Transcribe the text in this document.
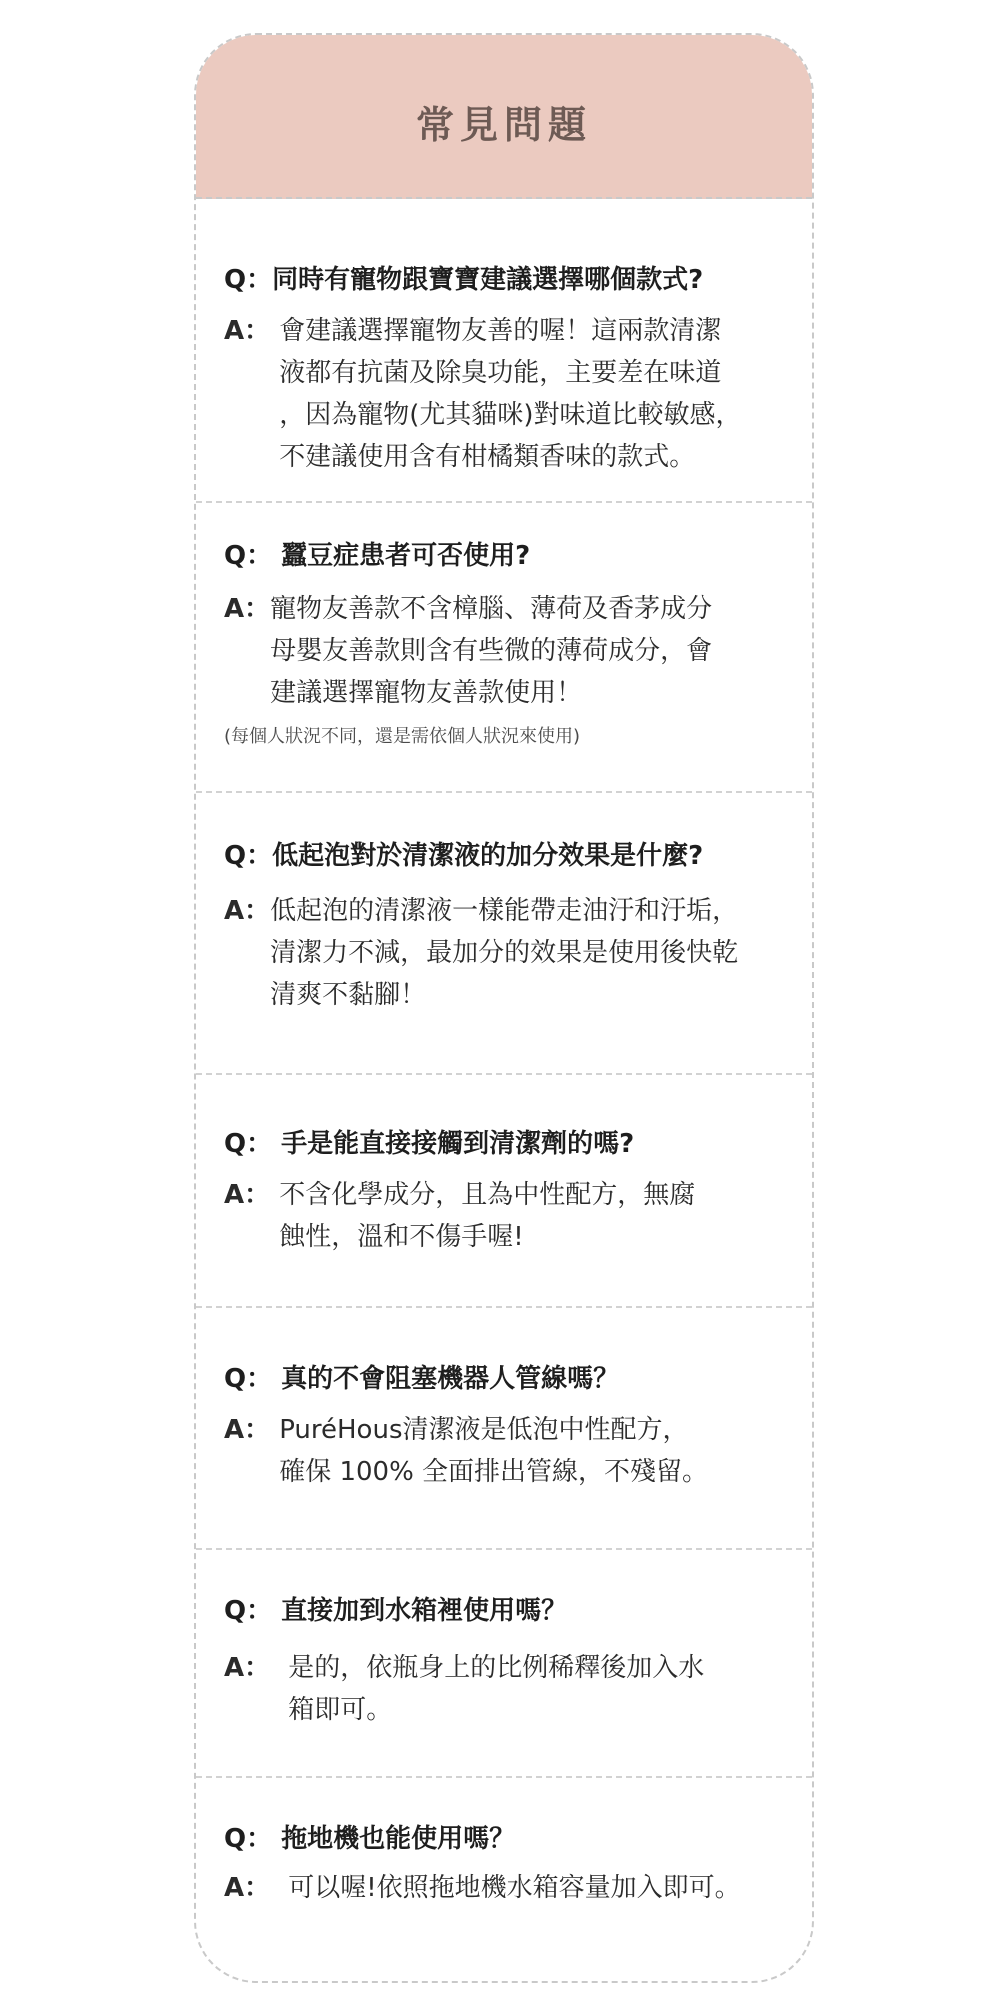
常見問題
Q： 同時有寵物跟寶寶建議選擇哪個款式?
A： 會建議選擇寵物友善的喔！這兩款清潔
液都有抗菌及除臭功能，主要差在味道
，因為寵物(尤其貓咪)對味道比較敏感，
不建議使用含有柑橘類香味的款式。
Q： 蠶豆症患者可否使用?
A： 寵物友善款不含樟腦、薄荷及香茅成分
母嬰友善款則含有些微的薄荷成分，會
建議選擇寵物友善款使用！
(每個人狀況不同，還是需依個人狀況來使用)
Q： 低起泡對於清潔液的加分效果是什麼?
A： 低起泡的清潔液一樣能帶走油汙和汙垢，
清潔力不減，最加分的效果是使用後快乾
清爽不黏腳！
Q： 手是能直接接觸到清潔劑的嗎?
A： 不含化學成分，且為中性配方，無腐
蝕性，溫和不傷手喔!
Q： 真的不會阻塞機器人管線嗎？
A： PuréHous清潔液是低泡中性配方，
確保 100% 全面排出管線，不殘留。
Q： 直接加到水箱裡使用嗎？
A： 是的，依瓶身上的比例稀釋後加入水
箱即可。
Q： 拖地機也能使用嗎？
A： 可以喔!依照拖地機水箱容量加入即可。
